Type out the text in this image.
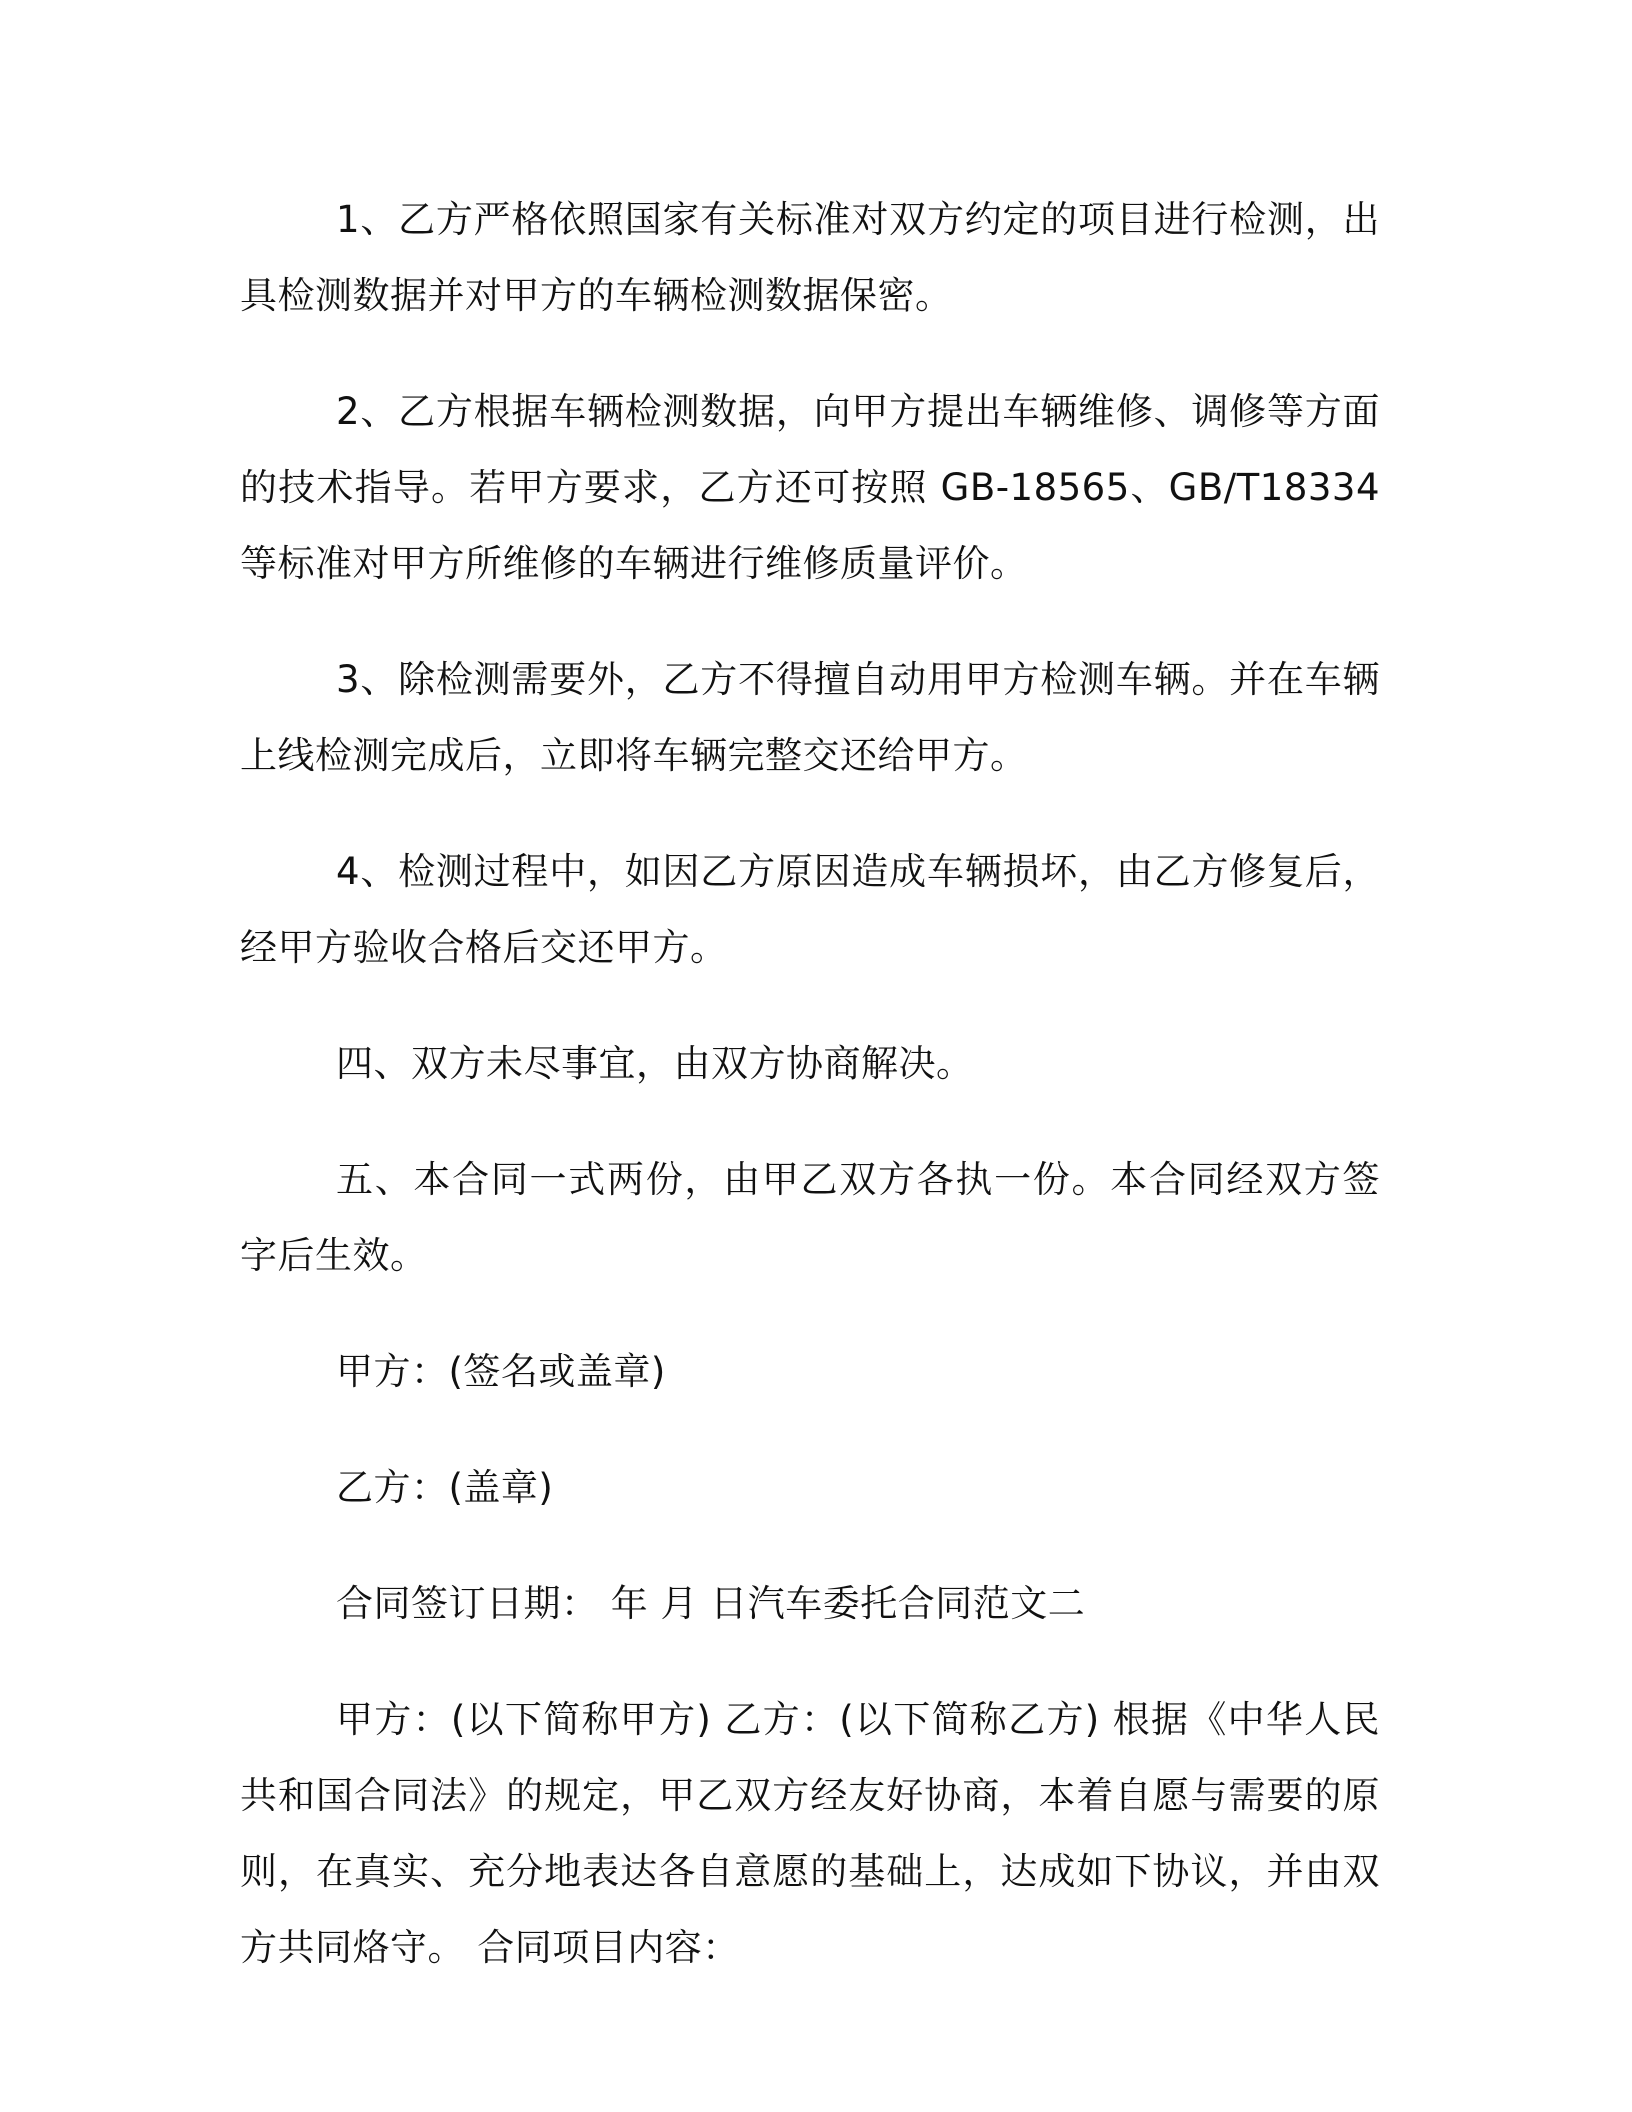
1、乙方严格依照国家有关标准对双方约定的项目进行检测，出具检测数据并对甲方的车辆检测数据保密。

2、乙方根据车辆检测数据，向甲方提出车辆维修、调修等方面的技术指导。若甲方要求，乙方还可按照 GB-18565、GB/T18334 等标准对甲方所维修的车辆进行维修质量评价。

3、除检测需要外，乙方不得擅自动用甲方检测车辆。并在车辆上线检测完成后，立即将车辆完整交还给甲方。

4、检测过程中，如因乙方原因造成车辆损坏，由乙方修复后，经甲方验收合格后交还甲方。

四、双方未尽事宜，由双方协商解决。

五、本合同一式两份，由甲乙双方各执一份。本合同经双方签字后生效。

甲方：(签名或盖章)

乙方：(盖章)

合同签订日期： 年 月 日汽车委托合同范文二

甲方：(以下简称甲方) 乙方：(以下简称乙方) 根据《中华人民共和国合同法》的规定，甲乙双方经友好协商，本着自愿与需要的原则，在真实、充分地表达各自意愿的基础上，达成如下协议，并由双方共同烙守。 合同项目内容：
